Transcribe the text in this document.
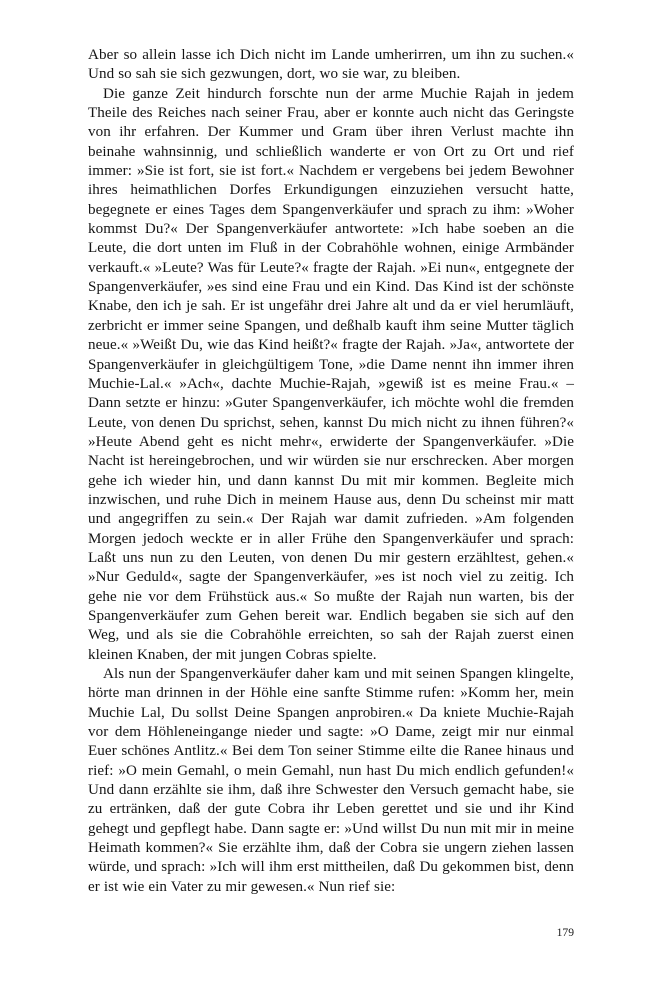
Aber so allein lasse ich Dich nicht im Lande umherirren, um ihn zu suchen.« Und so sah sie sich gezwungen, dort, wo sie war, zu bleiben.

Die ganze Zeit hindurch forschte nun der arme Muchie Rajah in jedem Theile des Reiches nach seiner Frau, aber er konnte auch nicht das Geringste von ihr erfahren. Der Kummer und Gram über ihren Verlust machte ihn beinahe wahnsinnig, und schließlich wanderte er von Ort zu Ort und rief immer: »Sie ist fort, sie ist fort.« Nachdem er vergebens bei jedem Bewohner ihres heimathlichen Dorfes Erkundigungen einzuziehen versucht hatte, begegnete er eines Tages dem Spangenverkäufer und sprach zu ihm: »Woher kommst Du?« Der Spangenverkäufer antwortete: »Ich habe soeben an die Leute, die dort unten im Fluß in der Cobrahöhle wohnen, einige Armbänder verkauft.« »Leute? Was für Leute?« fragte der Rajah. »Ei nun«, entgegnete der Spangenverkäufer, »es sind eine Frau und ein Kind. Das Kind ist der schönste Knabe, den ich je sah. Er ist ungefähr drei Jahre alt und da er viel herumläuft, zerbricht er immer seine Spangen, und deßhalb kauft ihm seine Mutter täglich neue.« »Weißt Du, wie das Kind heißt?« fragte der Rajah. »Ja«, antwortete der Spangenverkäufer in gleichgültigem Tone, »die Dame nennt ihn immer ihren Muchie-Lal.« »Ach«, dachte Muchie-Rajah, »gewiß ist es meine Frau.« – Dann setzte er hinzu: »Guter Spangenverkäufer, ich möchte wohl die fremden Leute, von denen Du sprichst, sehen, kannst Du mich nicht zu ihnen führen?« »Heute Abend geht es nicht mehr«, erwiderte der Spangenverkäufer. »Die Nacht ist hereingebrochen, und wir würden sie nur erschrecken. Aber morgen gehe ich wieder hin, und dann kannst Du mit mir kommen. Begleite mich inzwischen, und ruhe Dich in meinem Hause aus, denn Du scheinst mir matt und angegriffen zu sein.« Der Rajah war damit zufrieden. »Am folgenden Morgen jedoch weckte er in aller Frühe den Spangenverkäufer und sprach: Laßt uns nun zu den Leuten, von denen Du mir gestern erzähltest, gehen.« »Nur Geduld«, sagte der Spangenverkäufer, »es ist noch viel zu zeitig. Ich gehe nie vor dem Frühstück aus.« So mußte der Rajah nun warten, bis der Spangenverkäufer zum Gehen bereit war. Endlich begaben sie sich auf den Weg, und als sie die Cobrahöhle erreichten, so sah der Rajah zuerst einen kleinen Knaben, der mit jungen Cobras spielte.

Als nun der Spangenverkäufer daher kam und mit seinen Spangen klingelte, hörte man drinnen in der Höhle eine sanfte Stimme rufen: »Komm her, mein Muchie Lal, Du sollst Deine Spangen anprobiren.« Da kniete Muchie-Rajah vor dem Höhleneingange nieder und sagte: »O Dame, zeigt mir nur einmal Euer schönes Antlitz.« Bei dem Ton seiner Stimme eilte die Ranee hinaus und rief: »O mein Gemahl, o mein Gemahl, nun hast Du mich endlich gefunden!« Und dann erzählte sie ihm, daß ihre Schwester den Versuch gemacht habe, sie zu ertränken, daß der gute Cobra ihr Leben gerettet und sie und ihr Kind gehegt und gepflegt habe. Dann sagte er: »Und willst Du nun mit mir in meine Heimath kommen?« Sie erzählte ihm, daß der Cobra sie ungern ziehen lassen würde, und sprach: »Ich will ihm erst mittheilen, daß Du gekommen bist, denn er ist wie ein Vater zu mir gewesen.« Nun rief sie:

179
